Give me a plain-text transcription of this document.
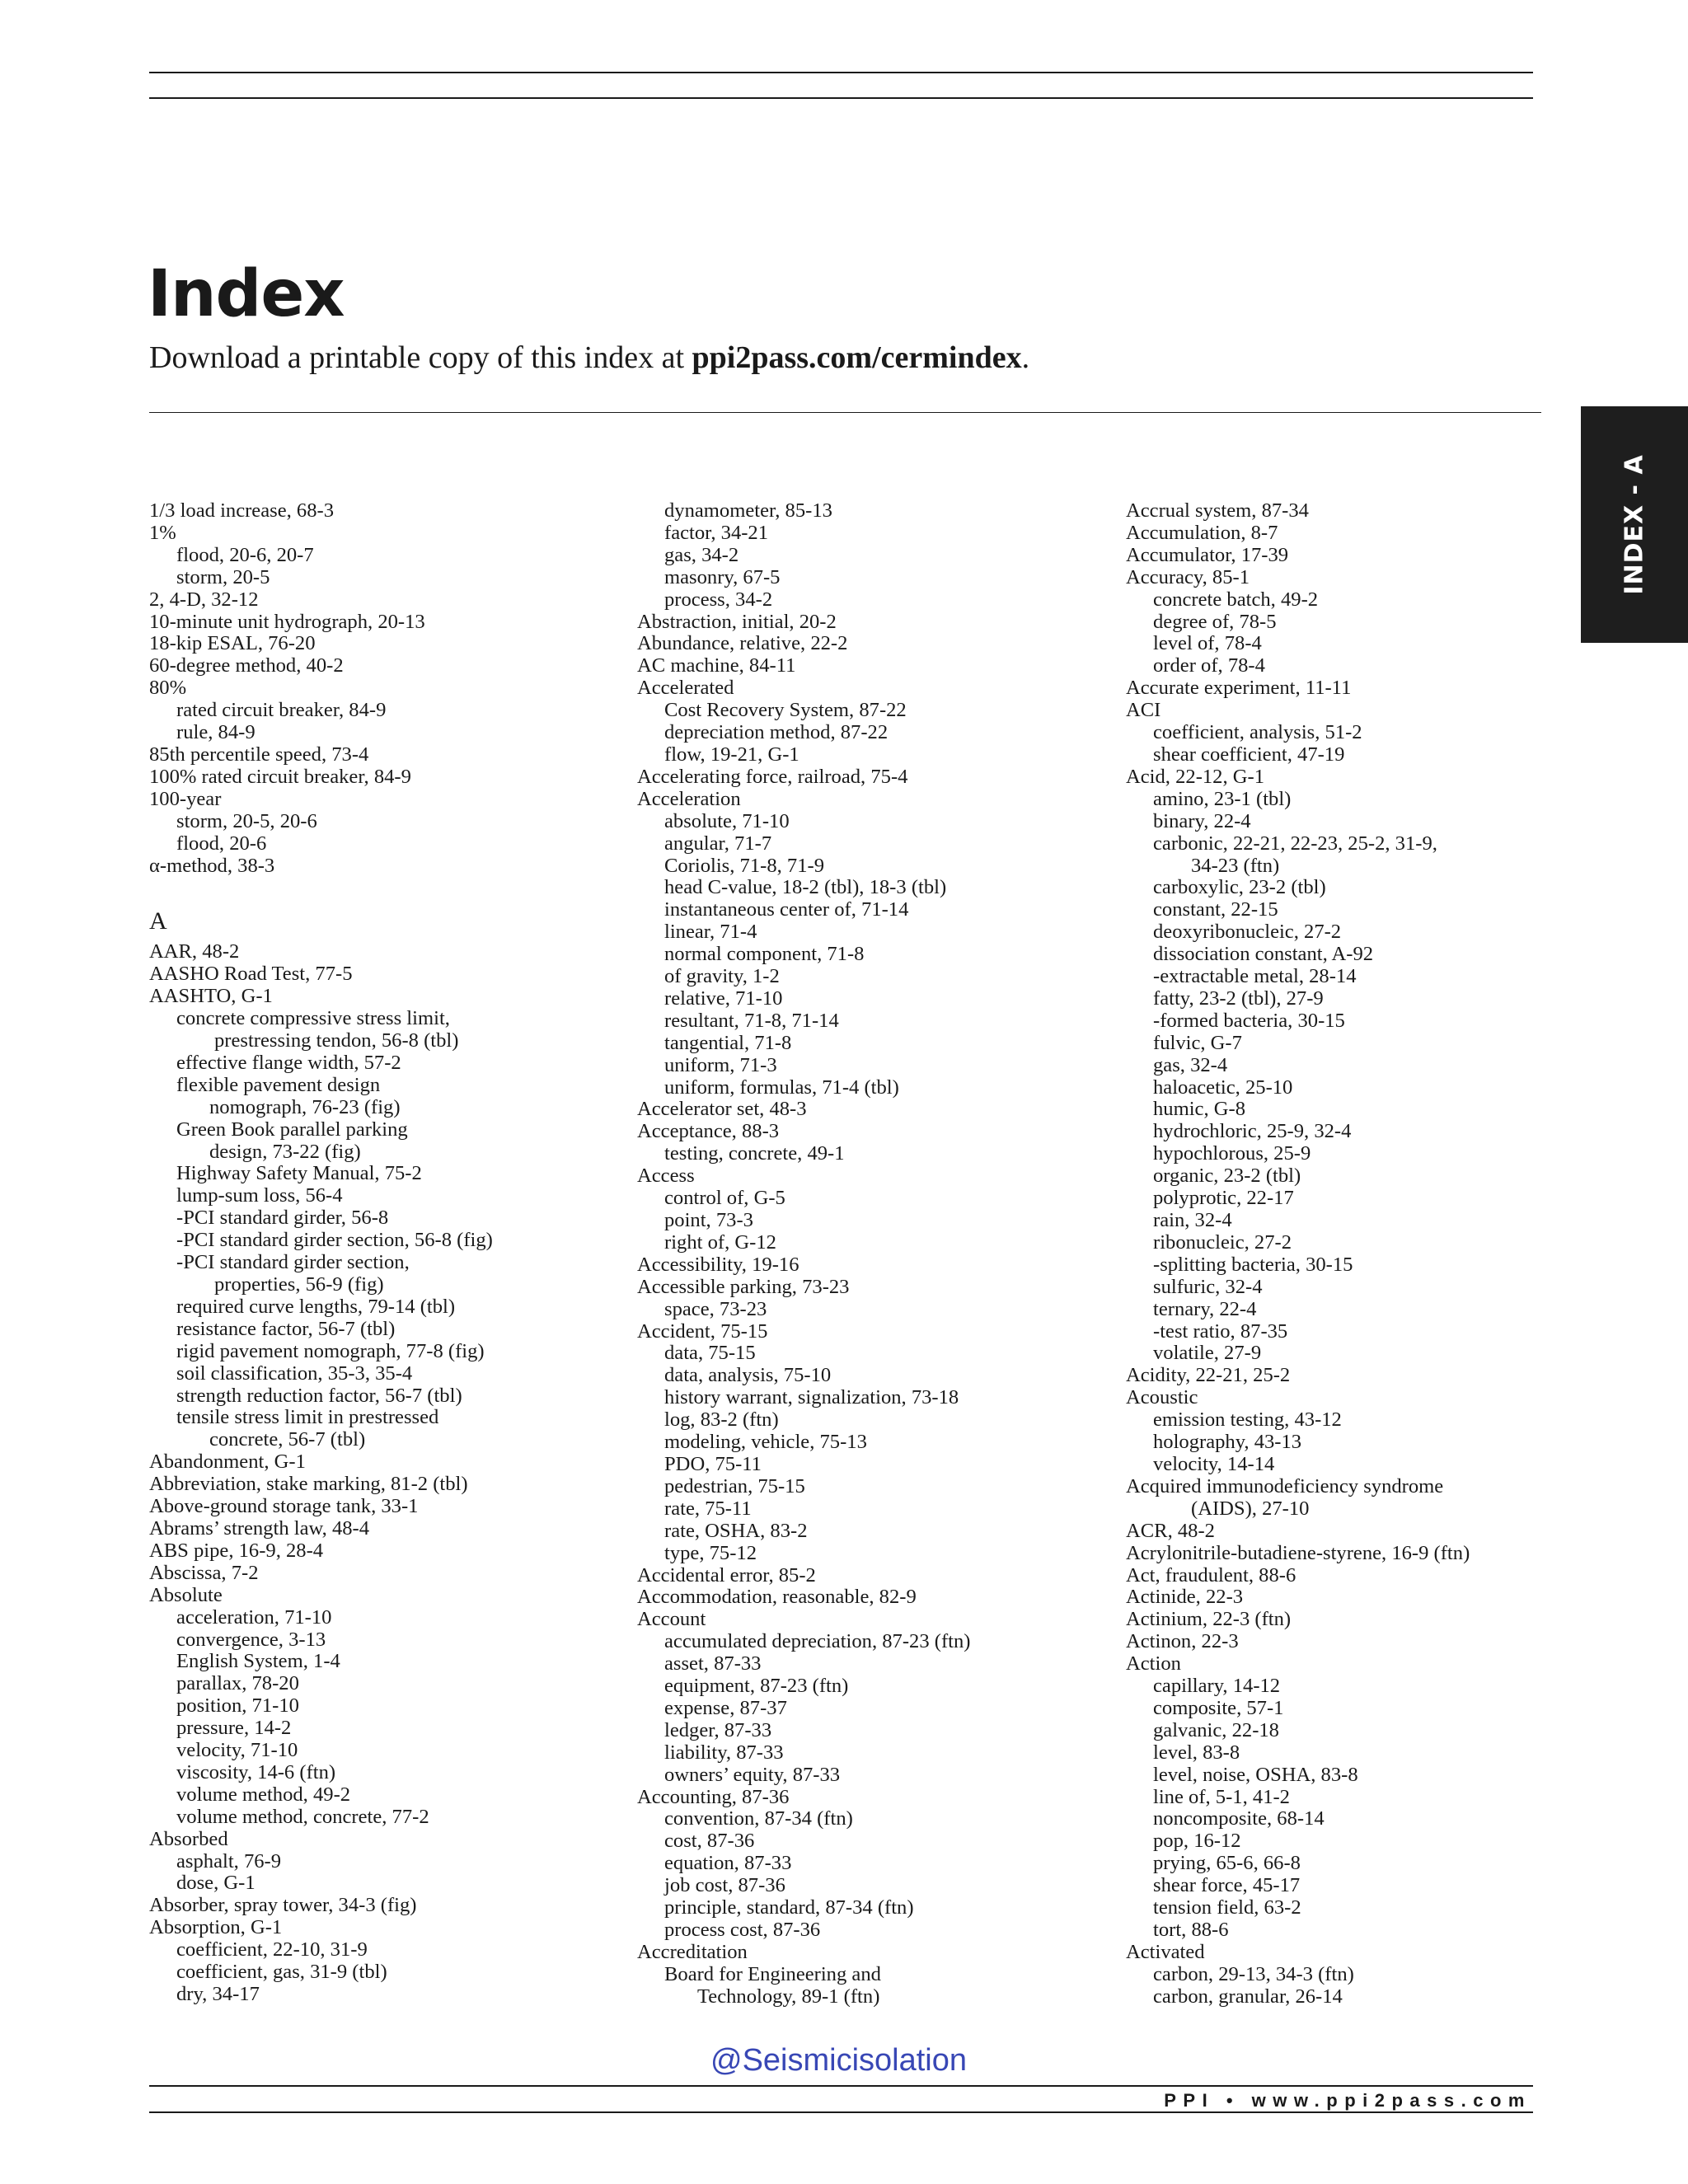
Index
Download a printable copy of this index at ppi2pass.com/cermindex.
INDEX - A
1/3 load increase, 68-3
1%
flood, 20-6, 20-7
storm, 20-5
2, 4-D, 32-12
10-minute unit hydrograph, 20-13
18-kip ESAL, 76-20
60-degree method, 40-2
80%
rated circuit breaker, 84-9
rule, 84-9
85th percentile speed, 73-4
100% rated circuit breaker, 84-9
100-year
storm, 20-5, 20-6
flood, 20-6
α-method, 38-3
A
AAR, 48-2
AASHO Road Test, 77-5
AASHTO, G-1
concrete compressive stress limit,
prestressing tendon, 56-8 (tbl)
effective flange width, 57-2
flexible pavement design
nomograph, 76-23 (fig)
Green Book parallel parking
design, 73-22 (fig)
Highway Safety Manual, 75-2
lump-sum loss, 56-4
-PCI standard girder, 56-8
-PCI standard girder section, 56-8 (fig)
-PCI standard girder section,
properties, 56-9 (fig)
required curve lengths, 79-14 (tbl)
resistance factor, 56-7 (tbl)
rigid pavement nomograph, 77-8 (fig)
soil classification, 35-3, 35-4
strength reduction factor, 56-7 (tbl)
tensile stress limit in prestressed
concrete, 56-7 (tbl)
Abandonment, G-1
Abbreviation, stake marking, 81-2 (tbl)
Above-ground storage tank, 33-1
Abrams’ strength law, 48-4
ABS pipe, 16-9, 28-4
Abscissa, 7-2
Absolute
acceleration, 71-10
convergence, 3-13
English System, 1-4
parallax, 78-20
position, 71-10
pressure, 14-2
velocity, 71-10
viscosity, 14-6 (ftn)
volume method, 49-2
volume method, concrete, 77-2
Absorbed
asphalt, 76-9
dose, G-1
Absorber, spray tower, 34-3 (fig)
Absorption, G-1
coefficient, 22-10, 31-9
coefficient, gas, 31-9 (tbl)
dry, 34-17
dynamometer, 85-13
factor, 34-21
gas, 34-2
masonry, 67-5
process, 34-2
Abstraction, initial, 20-2
Abundance, relative, 22-2
AC machine, 84-11
Accelerated
Cost Recovery System, 87-22
depreciation method, 87-22
flow, 19-21, G-1
Accelerating force, railroad, 75-4
Acceleration
absolute, 71-10
angular, 71-7
Coriolis, 71-8, 71-9
head C-value, 18-2 (tbl), 18-3 (tbl)
instantaneous center of, 71-14
linear, 71-4
normal component, 71-8
of gravity, 1-2
relative, 71-10
resultant, 71-8, 71-14
tangential, 71-8
uniform, 71-3
uniform, formulas, 71-4 (tbl)
Accelerator set, 48-3
Acceptance, 88-3
testing, concrete, 49-1
Access
control of, G-5
point, 73-3
right of, G-12
Accessibility, 19-16
Accessible parking, 73-23
space, 73-23
Accident, 75-15
data, 75-15
data, analysis, 75-10
history warrant, signalization, 73-18
log, 83-2 (ftn)
modeling, vehicle, 75-13
PDO, 75-11
pedestrian, 75-15
rate, 75-11
rate, OSHA, 83-2
type, 75-12
Accidental error, 85-2
Accommodation, reasonable, 82-9
Account
accumulated depreciation, 87-23 (ftn)
asset, 87-33
equipment, 87-23 (ftn)
expense, 87-37
ledger, 87-33
liability, 87-33
owners’ equity, 87-33
Accounting, 87-36
convention, 87-34 (ftn)
cost, 87-36
equation, 87-33
job cost, 87-36
principle, standard, 87-34 (ftn)
process cost, 87-36
Accreditation
Board for Engineering and
Technology, 89-1 (ftn)
Accrual system, 87-34
Accumulation, 8-7
Accumulator, 17-39
Accuracy, 85-1
concrete batch, 49-2
degree of, 78-5
level of, 78-4
order of, 78-4
Accurate experiment, 11-11
ACI
coefficient, analysis, 51-2
shear coefficient, 47-19
Acid, 22-12, G-1
amino, 23-1 (tbl)
binary, 22-4
carbonic, 22-21, 22-23, 25-2, 31-9,
34-23 (ftn)
carboxylic, 23-2 (tbl)
constant, 22-15
deoxyribonucleic, 27-2
dissociation constant, A-92
-extractable metal, 28-14
fatty, 23-2 (tbl), 27-9
-formed bacteria, 30-15
fulvic, G-7
gas, 32-4
haloacetic, 25-10
humic, G-8
hydrochloric, 25-9, 32-4
hypochlorous, 25-9
organic, 23-2 (tbl)
polyprotic, 22-17
rain, 32-4
ribonucleic, 27-2
-splitting bacteria, 30-15
sulfuric, 32-4
ternary, 22-4
-test ratio, 87-35
volatile, 27-9
Acidity, 22-21, 25-2
Acoustic
emission testing, 43-12
holography, 43-13
velocity, 14-14
Acquired immunodeficiency syndrome
(AIDS), 27-10
ACR, 48-2
Acrylonitrile-butadiene-styrene, 16-9 (ftn)
Act, fraudulent, 88-6
Actinide, 22-3
Actinium, 22-3 (ftn)
Actinon, 22-3
Action
capillary, 14-12
composite, 57-1
galvanic, 22-18
level, 83-8
level, noise, OSHA, 83-8
line of, 5-1, 41-2
noncomposite, 68-14
pop, 16-12
prying, 65-6, 66-8
shear force, 45-17
tension field, 63-2
tort, 88-6
Activated
carbon, 29-13, 34-3 (ftn)
carbon, granular, 26-14
@Seismicisolation
PPI • www.ppi2pass.com
